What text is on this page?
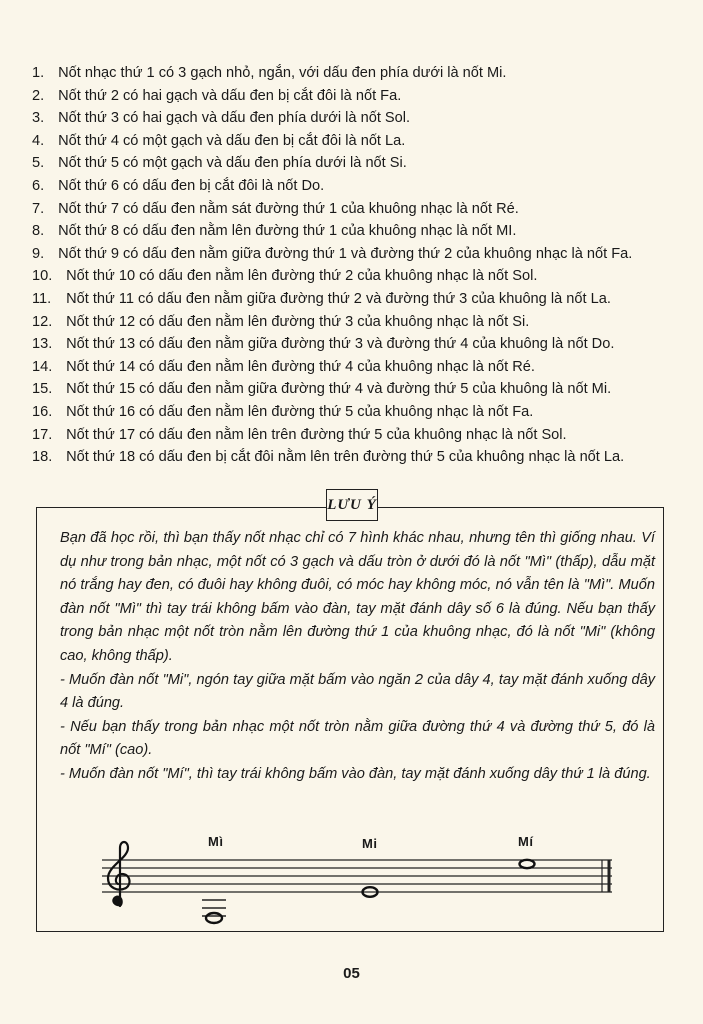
1. Nốt nhạc thứ 1 có 3 gạch nhỏ, ngắn, với dấu đen phía dưới là nốt Mi.
2. Nốt thứ 2 có hai gạch và dấu đen bị cắt đôi là nốt Fa.
3. Nốt thứ 3 có hai gạch và dấu đen phía dưới là nốt Sol.
4. Nốt thứ 4 có một gạch và dấu đen bị cắt đôi là nốt La.
5. Nốt thứ 5 có một gạch và dấu đen phía dưới là nốt Si.
6. Nốt thứ 6 có dấu đen bị cắt đôi là nốt Do.
7. Nốt thứ 7 có dấu đen nằm sát đường thứ 1 của khuông nhạc là nốt Ré.
8. Nốt thứ 8 có dấu đen nằm lên đường thứ 1 của khuông nhạc là nốt MI.
9. Nốt thứ 9 có dấu đen nằm giữa đường thứ 1 và đường thứ 2 của khuông nhạc là nốt Fa.
10. Nốt thứ 10 có dấu đen nằm lên đường thứ 2 của khuông nhạc là nốt Sol.
11. Nốt thứ 11 có dấu đen nằm giữa đường thứ 2 và đường thứ 3 của khuông là nốt La.
12. Nốt thứ 12 có dấu đen nằm lên đường thứ 3 của khuông nhạc là nốt Si.
13. Nốt thứ 13 có dấu đen nằm giữa đường thứ 3 và đường thứ 4 của khuông là nốt Do.
14. Nốt thứ 14 có dấu đen nằm lên đường thứ 4 của khuông nhạc là nốt Ré.
15. Nốt thứ 15 có dấu đen nằm giữa đường thứ 4 và đường thứ 5 của khuông là nốt Mi.
16. Nốt thứ 16 có dấu đen nằm lên đường thứ 5 của khuông nhạc là nốt Fa.
17. Nốt thứ 17 có dấu đen nằm lên trên đường thứ 5 của khuông nhạc là nốt Sol.
18. Nốt thứ 18 có dấu đen bị cắt đôi nằm lên trên đường thứ 5 của khuông nhạc là nốt La.
LƯU Ý

Bạn đã học rồi, thì bạn thấy nốt nhạc chỉ có 7 hình khác nhau, nhưng tên thì giống nhau. Ví dụ như trong bản nhạc, một nốt có 3 gạch và dấu tròn ở dưới đó là nốt "Mì" (thấp), dẫu mặt nó trắng hay đen, có đuôi hay không đuôi, có móc hay không móc, nó vẫn tên là "Mì". Muốn đàn nốt "Mì" thì tay trái không bấm vào đàn, tay mặt đánh dây số 6 là đúng. Nếu bạn thấy trong bản nhạc một nốt tròn nằm lên đường thứ 1 của khuông nhạc, đó là nốt "Mi" (không cao, không thấp).

- Muốn đàn nốt "Mi", ngón tay giữa mặt bấm vào ngăn 2 của dây 4, tay mặt đánh xuống dây 4 là đúng.

- Nếu bạn thấy trong bản nhạc một nốt tròn nằm giữa đường thứ 4 và đường thứ 5, đó là nốt "Mí" (cao).

- Muốn đàn nốt "Mí", thì tay trái không bấm vào đàn, tay mặt đánh xuống dây thứ 1 là đúng.

Mì	Mi	Mí
05
